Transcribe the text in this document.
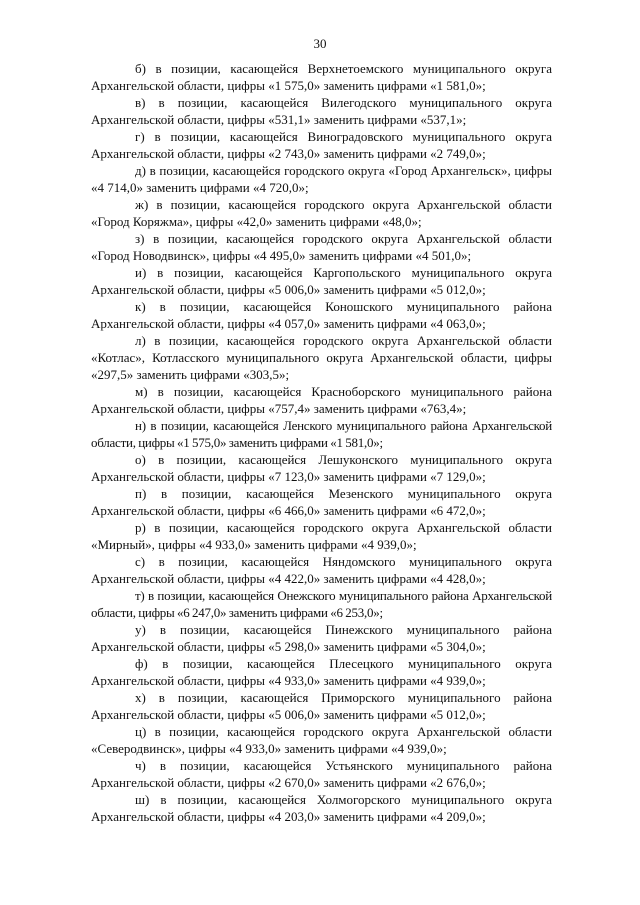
30

б) в позиции, касающейся Верхнетоемского муниципального округа Архангельской области, цифры «1 575,0» заменить цифрами «1 581,0»;

в) в позиции, касающейся Вилегодского муниципального округа Архангельской области, цифры «531,1» заменить цифрами «537,1»;

г) в позиции, касающейся Виноградовского муниципального округа Архангельской области, цифры «2 743,0» заменить цифрами «2 749,0»;

д) в позиции, касающейся городского округа «Город Архангельск», цифры «4 714,0» заменить цифрами «4 720,0»;

ж) в позиции, касающейся городского округа Архангельской области «Город Коряжма», цифры «42,0» заменить цифрами «48,0»;

з) в позиции, касающейся городского округа Архангельской области «Город Новодвинск», цифры «4 495,0» заменить цифрами «4 501,0»;

и) в позиции, касающейся Каргопольского муниципального округа Архангельской области, цифры «5 006,0» заменить цифрами «5 012,0»;

к) в позиции, касающейся Коношского муниципального района Архангельской области, цифры «4 057,0» заменить цифрами «4 063,0»;

л) в позиции, касающейся городского округа Архангельской области «Котлас», Котласского муниципального округа Архангельской области, цифры «297,5» заменить цифрами «303,5»;

м) в позиции, касающейся Красноборского муниципального района Архангельской области, цифры «757,4» заменить цифрами «763,4»;

н) в позиции, касающейся Ленского муниципального района Архангельской области, цифры «1 575,0» заменить цифрами «1 581,0»;

о) в позиции, касающейся Лешуконского муниципального округа Архангельской области, цифры «7 123,0» заменить цифрами «7 129,0»;

п) в позиции, касающейся Мезенского муниципального округа Архангельской области, цифры «6 466,0» заменить цифрами «6 472,0»;

р) в позиции, касающейся городского округа Архангельской области «Мирный», цифры «4 933,0» заменить цифрами «4 939,0»;

с) в позиции, касающейся Няндомского муниципального округа Архангельской области, цифры «4 422,0» заменить цифрами «4 428,0»;

т) в позиции, касающейся Онежского муниципального района Архангельской области, цифры «6 247,0» заменить цифрами «6 253,0»;

у) в позиции, касающейся Пинежского муниципального района Архангельской области, цифры «5 298,0» заменить цифрами «5 304,0»;

ф) в позиции, касающейся Плесецкого муниципального округа Архангельской области, цифры «4 933,0» заменить цифрами «4 939,0»;

х) в позиции, касающейся Приморского муниципального района Архангельской области, цифры «5 006,0» заменить цифрами «5 012,0»;

ц) в позиции, касающейся городского округа Архангельской области «Северодвинск», цифры «4 933,0» заменить цифрами «4 939,0»;

ч) в позиции, касающейся Устьянского муниципального района Архангельской области, цифры «2 670,0» заменить цифрами «2 676,0»;

ш) в позиции, касающейся Холмогорского муниципального округа Архангельской области, цифры «4 203,0» заменить цифрами «4 209,0»;
